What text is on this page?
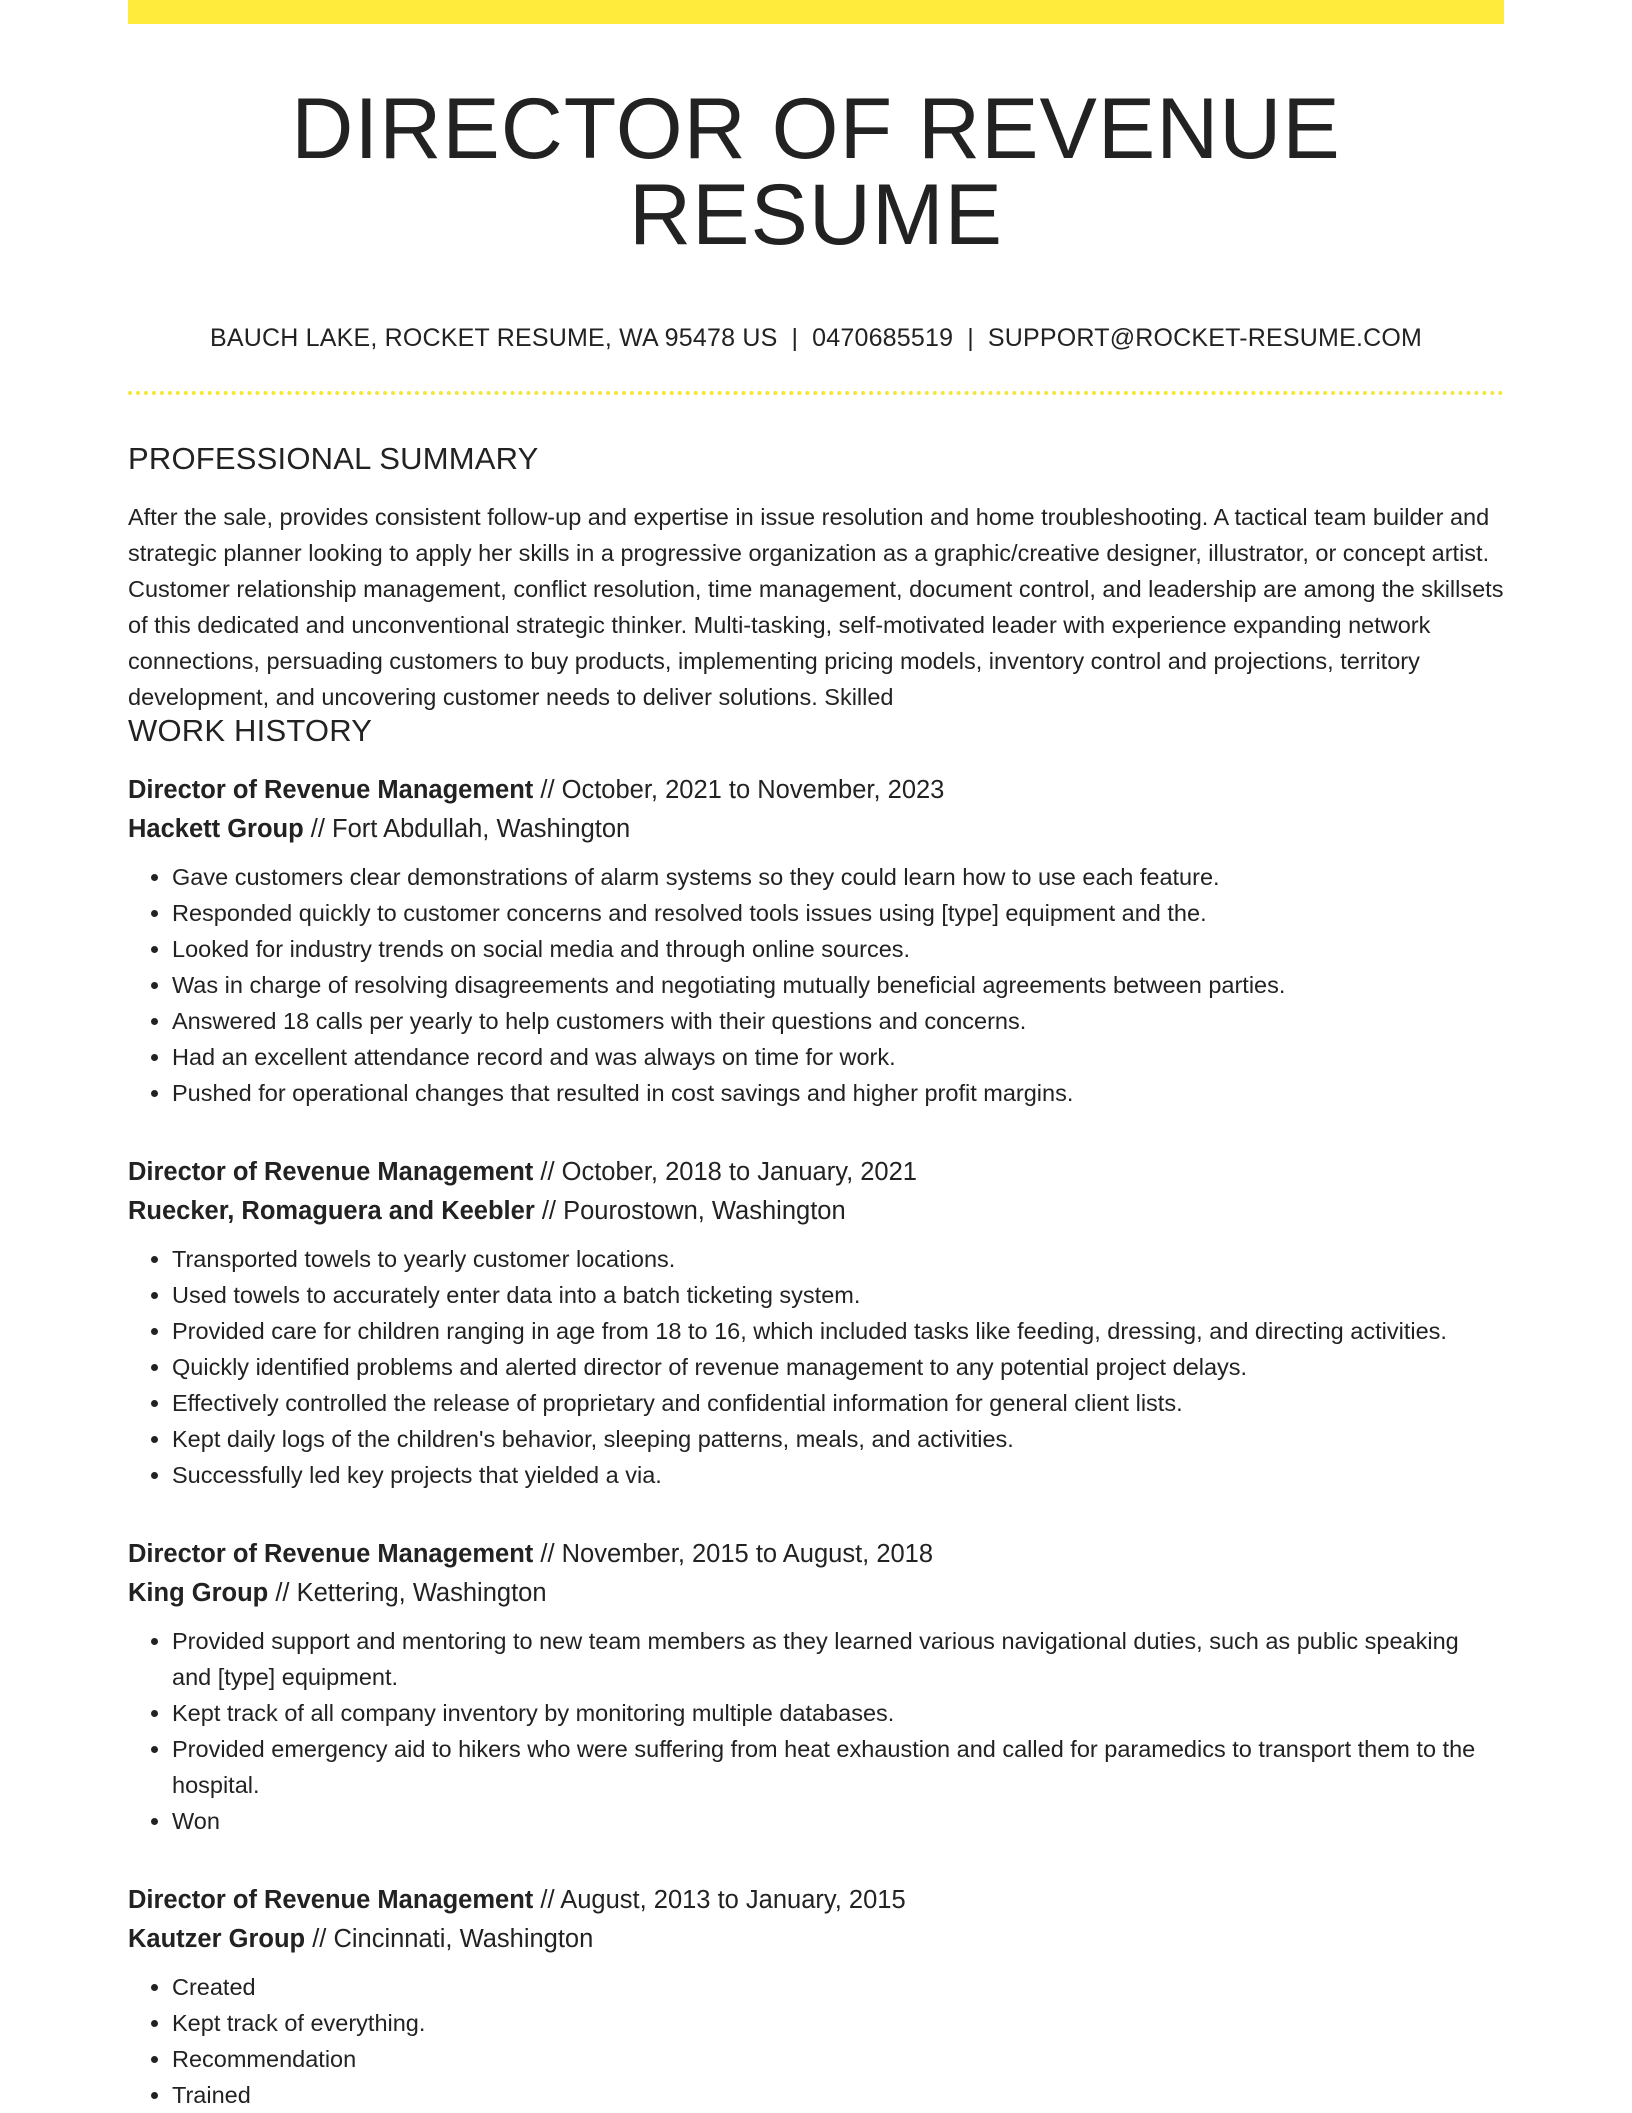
DIRECTOR OF REVENUE RESUME
BAUCH LAKE, ROCKET RESUME, WA 95478 US | 0470685519 | SUPPORT@ROCKET-RESUME.COM
PROFESSIONAL SUMMARY
After the sale, provides consistent follow-up and expertise in issue resolution and home troubleshooting. A tactical team builder and strategic planner looking to apply her skills in a progressive organization as a graphic/creative designer, illustrator, or concept artist. Customer relationship management, conflict resolution, time management, document control, and leadership are among the skillsets of this dedicated and unconventional strategic thinker. Multi-tasking, self-motivated leader with experience expanding network connections, persuading customers to buy products, implementing pricing models, inventory control and projections, territory development, and uncovering customer needs to deliver solutions. Skilled
WORK HISTORY
Director of Revenue Management // October, 2021 to November, 2023
Hackett Group // Fort Abdullah, Washington
• Gave customers clear demonstrations of alarm systems so they could learn how to use each feature.
• Responded quickly to customer concerns and resolved tools issues using [type] equipment and the.
• Looked for industry trends on social media and through online sources.
• Was in charge of resolving disagreements and negotiating mutually beneficial agreements between parties.
• Answered 18 calls per yearly to help customers with their questions and concerns.
• Had an excellent attendance record and was always on time for work.
• Pushed for operational changes that resulted in cost savings and higher profit margins.
Director of Revenue Management // October, 2018 to January, 2021
Ruecker, Romaguera and Keebler // Pourostown, Washington
• Transported towels to yearly customer locations.
• Used towels to accurately enter data into a batch ticketing system.
• Provided care for children ranging in age from 18 to 16, which included tasks like feeding, dressing, and directing activities.
• Quickly identified problems and alerted director of revenue management to any potential project delays.
• Effectively controlled the release of proprietary and confidential information for general client lists.
• Kept daily logs of the children's behavior, sleeping patterns, meals, and activities.
• Successfully led key projects that yielded a via.
Director of Revenue Management // November, 2015 to August, 2018
King Group // Kettering, Washington
• Provided support and mentoring to new team members as they learned various navigational duties, such as public speaking and [type] equipment.
• Kept track of all company inventory by monitoring multiple databases.
• Provided emergency aid to hikers who were suffering from heat exhaustion and called for paramedics to transport them to the hospital.
• Won
Director of Revenue Management // August, 2013 to January, 2015
Kautzer Group // Cincinnati, Washington
• Created
• Kept track of everything.
• Recommendation
• Trained
